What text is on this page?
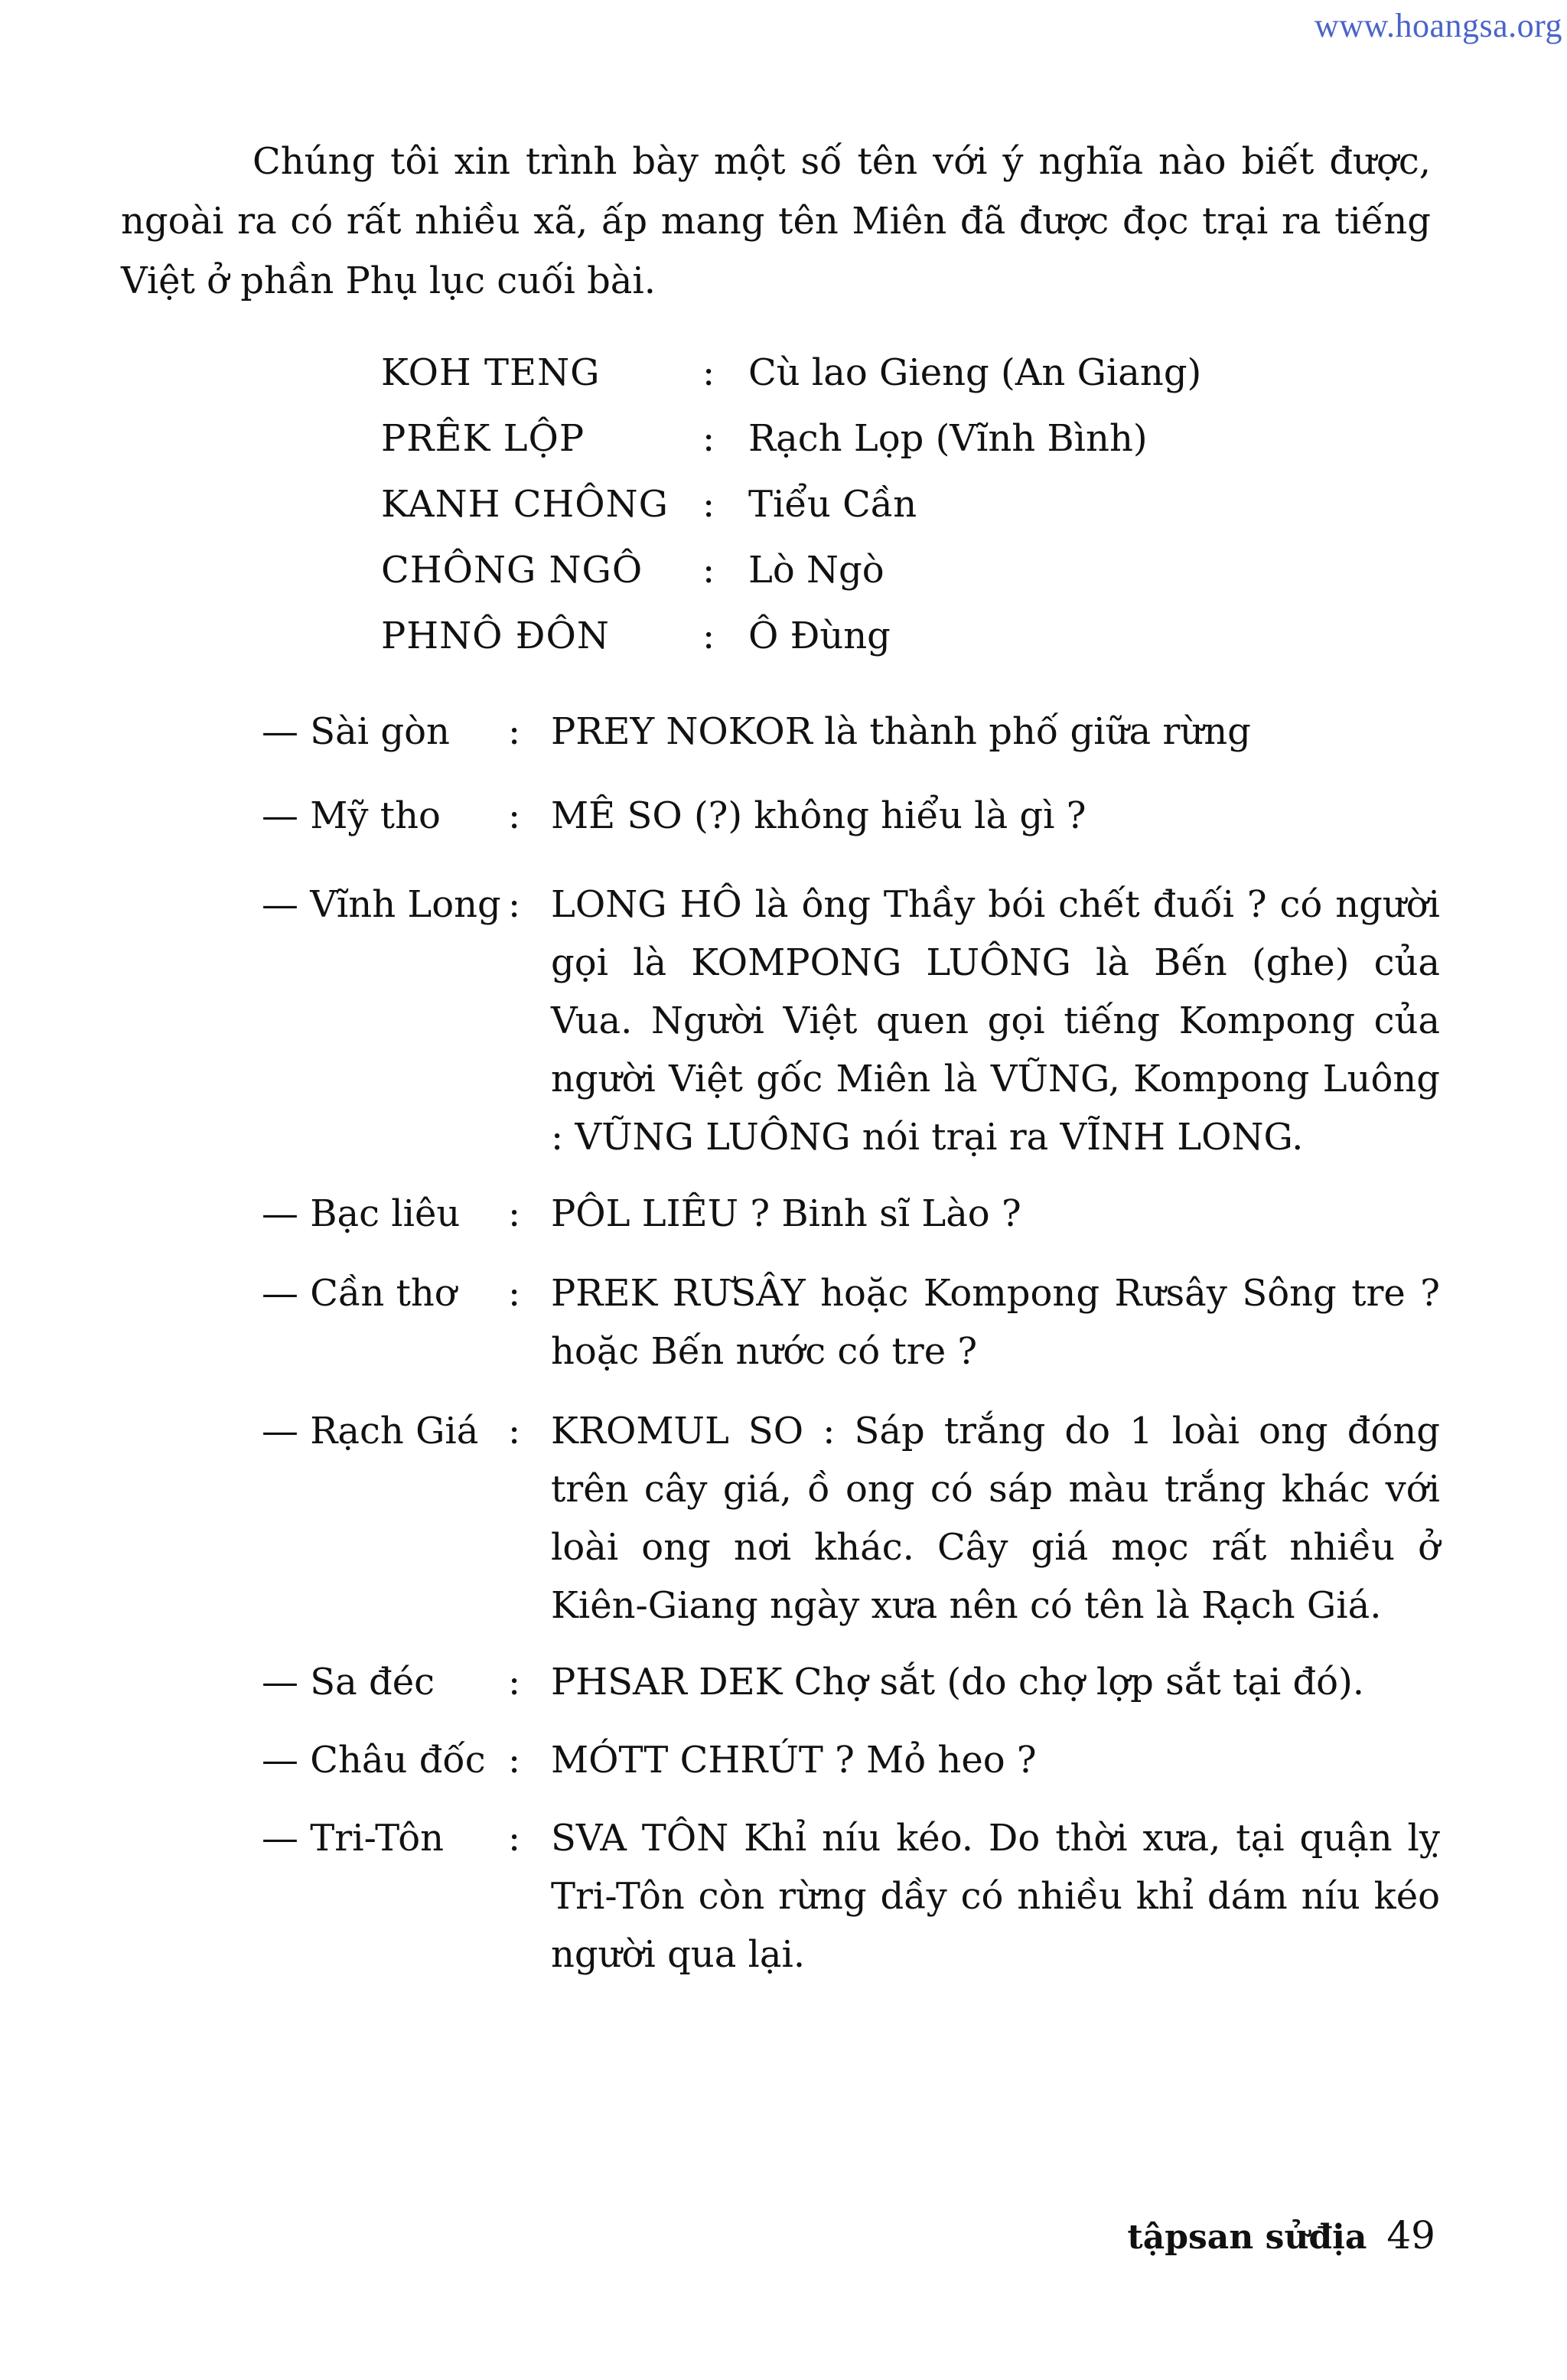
www.hoangsa.org

Chúng tôi xin trình bày một số tên với ý nghĩa nào biết được, ngoài ra có rất nhiều xã, ấp mang tên Miên đã được đọc trại ra tiếng Việt ở phần Phụ lục cuối bài.

KOH TENG	: Cù lao Gieng (An Giang)
PRÊK LỘP	: Rạch Lọp (Vĩnh Bình)
KANH CHÔNG : Tiểu Cần
CHÔNG NGÔ	: Lò Ngò
PHNÔ ĐÔN	: Ô Đùng
— Sài gòn	: PREY NOKOR là thành phố giữa rừng
— Mỹ tho	: MÊ SO (?) không hiểu là gì ?
— Vĩnh Long : LONG HÔ là ông Thầy bói chết đuối ? có người gọi là KOMPONG LUÔNG là Bến (ghe) của Vua. Người Việt quen gọi tiếng Kompong của người Việt gốc Miên là VŨNG, Kompong Luông : VŨNG LUÔNG nói trại ra VĨNH LONG.
— Bạc liêu	: PÔL LIÊU ? Binh sĩ Lào ?
— Cần thơ	: PREK RƯSÂY hoặc Kompong Rưsây Sông tre ? hoặc Bến nước có tre ?
— Rạch Giá : KROMUL SO : Sáp trắng do 1 loài ong đóng trên cây giá, ồ ong có sáp màu trắng khác với loài ong nơi khác. Cây giá mọc rất nhiều ở Kiên-Giang ngày xưa nên có tên là Rạch Giá.
— Sa đéc	: PHSAR DEK Chợ sắt (do chợ lợp sắt tại đó).
— Châu đốc : MÓTT CHRÚT ? Mỏ heo ?
— Tri-Tôn	: SVA TÔN Khỉ níu kéo. Do thời xưa, tại quận lỵ Tri-Tôn còn rừng dầy có nhiều khỉ dám níu kéo người qua lại.
tậpsan sửđịa 49
